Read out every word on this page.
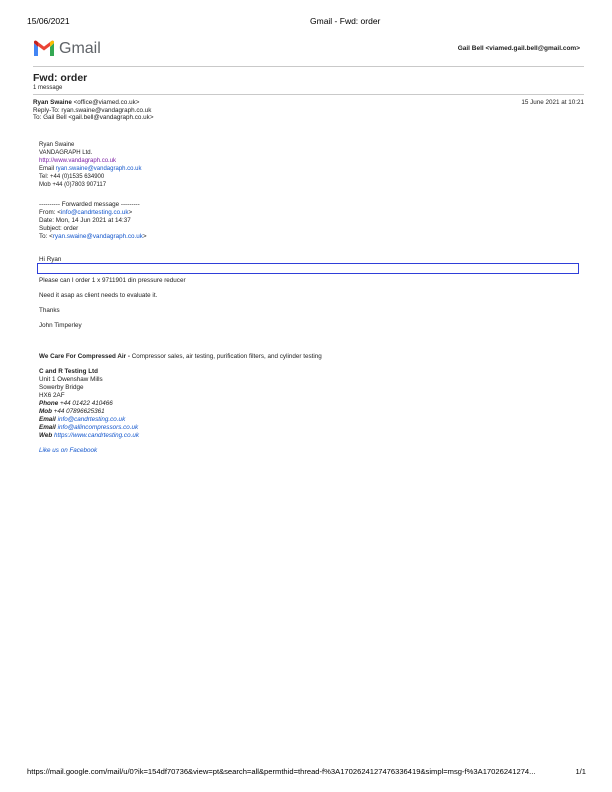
15/06/2021	Gmail - Fwd: order
Gmail	Gail Bell <viamed.gail.bell@gmail.com>
Fwd: order
1 message
Ryan Swaine <office@viamed.co.uk>	15 June 2021 at 10:21
Reply-To: ryan.swaine@vandagraph.co.uk
To: Gail Bell <gail.bell@vandagraph.co.uk>
Ryan Swaine
VANDAGRAPH Ltd.
http://www.vandagraph.co.uk
Email ryan.swaine@vandagraph.co.uk
Tel: +44 (0)1535 634900
Mob +44 (0)7803 907117
---------- Forwarded message ---------
From: <info@candrtesting.co.uk>
Date: Mon, 14 Jun 2021 at 14:37
Subject: order
To: <ryan.swaine@vandagraph.co.uk>
Hi Ryan
Please can I order 1 x 9711901 din pressure reducer
Need it asap as client needs to evaluate it.
Thanks
John Timperley
We Care For Compressed Air - Compressor sales, air testing, purification filters, and cylinder testing
C and R Testing Ltd
Unit 1 Owenshaw Mills
Sowerby Bridge
HX6 2AF
Phone +44 01422 410466
Mob +44 07896625361
Email info@candrtesting.co.uk
Email info@allincompressors.co.uk
Web https://www.candrtesting.co.uk
Like us on Facebook
https://mail.google.com/mail/u/0?ik=154df70736&view=pt&search=all&permthid=thread-f%3A1702624127476336419&simpl=msg-f%3A17026241274...	1/1
